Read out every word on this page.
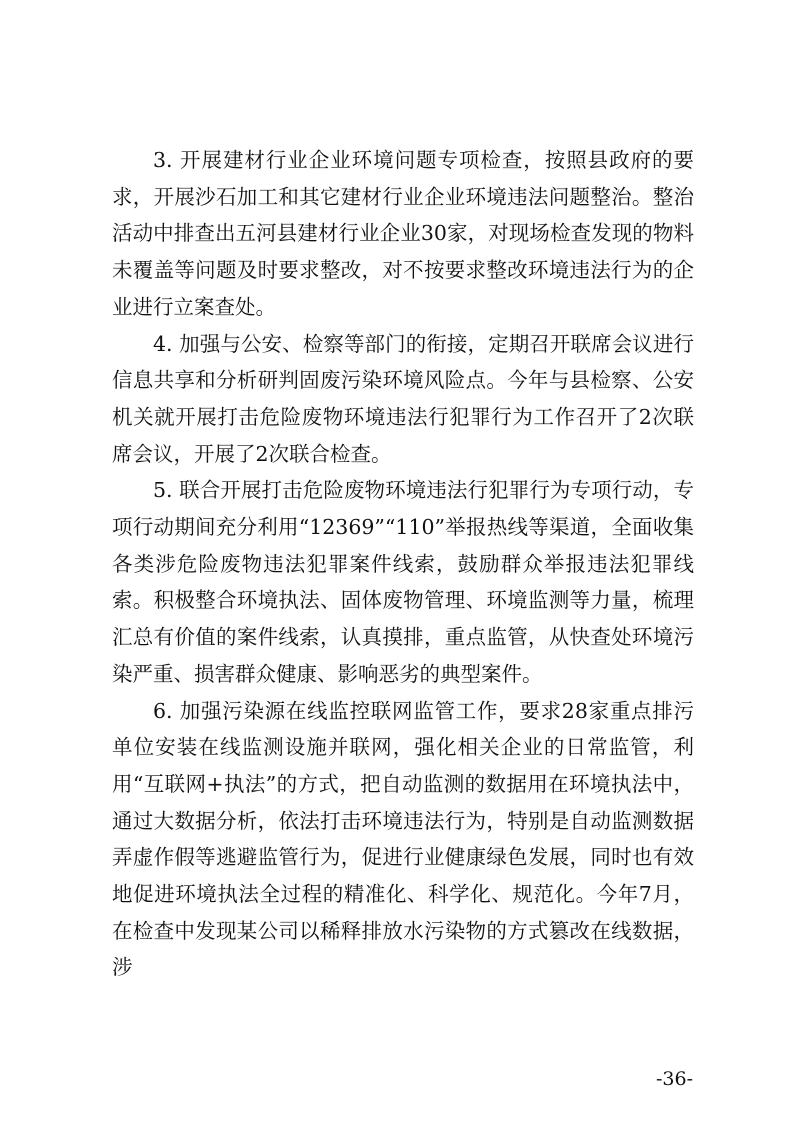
3. 开展建材行业企业环境问题专项检查，按照县政府的要求，开展沙石加工和其它建材行业企业环境违法问题整治。整治活动中排查出五河县建材行业企业30家，对现场检查发现的物料未覆盖等问题及时要求整改，对不按要求整改环境违法行为的企业进行立案查处。

4. 加强与公安、检察等部门的衔接，定期召开联席会议进行信息共享和分析研判固废污染环境风险点。今年与县检察、公安机关就开展打击危险废物环境违法行犯罪行为工作召开了2次联席会议，开展了2次联合检查。

5. 联合开展打击危险废物环境违法行犯罪行为专项行动，专项行动期间充分利用“12369”“110”举报热线等渠道，全面收集各类涉危险废物违法犯罪案件线索，鼓励群众举报违法犯罪线索。积极整合环境执法、固体废物管理、环境监测等力量，梳理汇总有价值的案件线索，认真摸排，重点监管，从快查处环境污染严重、损害群众健康、影响恶劣的典型案件。

6. 加强污染源在线监控联网监管工作，要求28家重点排污单位安装在线监测设施并联网，强化相关企业的日常监管，利用“互联网+执法”的方式，把自动监测的数据用在环境执法中，通过大数据分析，依法打击环境违法行为，特别是自动监测数据弄虚作假等逃避监管行为，促进行业健康绿色发展，同时也有效地促进环境执法全过程的精准化、科学化、规范化。今年7月，在检查中发现某公司以稀释排放水污染物的方式篡改在线数据，涉

-36-
